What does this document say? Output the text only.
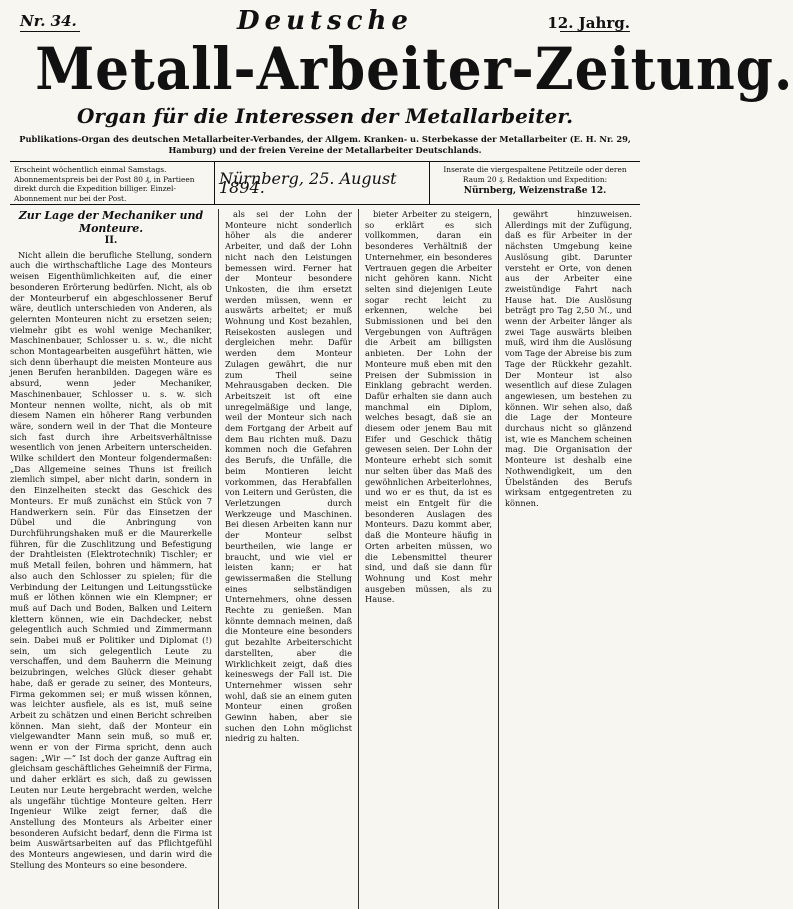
Nr. 34.	Deutsche	12. Jahrg.
Metall-Arbeiter-Zeitung.
Organ für die Interessen der Metallarbeiter.
Publikations-Organ des deutschen Metallarbeiter-Verbandes, der Allgem. Kranken- u. Sterbekasse der Metallarbeiter (E. H. Nr. 29, Hamburg) und der freien Vereine der Metallarbeiter Deutschlands.
Erscheint wöchentlich einmal Samstags. Abonnementspreis bei der Post 80 ₰, in Partieen direkt durch die Expedition billiger. Einzel-Abonnement nur bei der Post.
Nürnberg, 25. August 1894.
Inserate die viergespaltene Petitzeile oder deren Raum 20 ₰. Redaktion und Expedition:
Nürnberg, Weizenstraße 12.

Zur Lage der Mechaniker und Monteure.

II.

Nicht allein die berufliche Stellung, sondern auch die wirthschaftliche Lage des Monteurs weisen Eigenthümlichkeiten auf, die einer besonderen Erörterung bedürfen. Nicht, als ob der Monteurberuf ein abgeschlossener Beruf wäre, deutlich unterschieden von Anderen, als gelernten Monteuren nicht zu ersetzen seien; vielmehr gibt es wohl wenige Mechaniker, Maschinenbauer, Schlosser u. s. w., die nicht schon Montagearbeiten ausgeführt hätten, wie sich denn überhaupt die meisten Monteure aus jenen Berufen heranbilden. Dagegen wäre es absurd, wenn jeder Mechaniker, Maschinenbauer, Schlosser u. s. w. sich Monteur nennen wollte, nicht, als ob mit diesem Namen ein höherer Rang verbunden wäre, sondern weil in der That die Monteure sich fast durch ihre Arbeitsverhältnisse wesentlich von jenen Arbeitern unterscheiden. Wilke schildert den Monteur folgendermaßen: „Das Allgemeine seines Thuns ist freilich ziemlich simpel, aber nicht darin, sondern in den Einzelheiten steckt das Geschick des Monteurs. Er muß zunächst ein Stück von 7 Handwerkern sein. Für das Einsetzen der Dübel und die Anbringung von Durchführungshaken muß er die Maurerkelle führen, für die Zuschlitzung und Befestigung der Drahtleisten (Elektrotechnik) Tischler; er muß Metall feilen, bohren und hämmern, hat also auch den Schlosser zu spielen; für die Verbindung der Leitungen und Leitungsstücke muß er löthen können wie ein Klempner; er muß auf Dach und Boden, Balken und Leitern klettern können, wie ein Dachdecker, nebst gelegentlich auch Schmied und Zimmermann sein. Dabei muß er Politiker und Diplomat (!) sein, um sich gelegentlich Leute zu verschaffen, und dem Bauherrn die Meinung beizubringen, welches Glück dieser gehabt habe, daß er gerade zu seiner, des Monteurs, Firma gekommen sei; er muß wissen können, was leichter ausfiele, als es ist, muß seine Arbeit zu schätzen und einen Bericht schreiben können. Man sieht, daß der Monteur ein vielgewandter Mann sein muß, so muß er, wenn er von der Firma spricht, denn auch sagen: „Wir —“ Ist doch der ganze Auftrag ein gleichsam geschäftliches Geheimniß der Firma, und daher erklärt es sich, daß zu gewissen Leuten nur Leute hergebracht werden, welche als ungefähr tüchtige Monteure gelten. Herr Ingenieur Wilke zeigt ferner, daß die Anstellung des Monteurs als Arbeiter einer besonderen Aufsicht bedarf, denn die Firma ist beim Auswärtsarbeiten auf das Pflichtgefühl des Monteurs angewiesen, und darin wird die Stellung des Monteurs so eine besondere.

als sei der Lohn der Monteure nicht sonderlich höher als die anderer Arbeiter, und daß der Lohn nicht nach den Leistungen bemessen wird. Ferner hat der Monteur besondere Unkosten, die ihm ersetzt werden müssen, wenn er auswärts arbeitet; er muß Wohnung und Kost bezahlen, Reisekosten auslegen und dergleichen mehr. Dafür werden dem Monteur Zulagen gewährt, die nur zum Theil seine Mehrausgaben decken. Die Arbeitszeit ist oft eine unregelmäßige und lange, weil der Monteur sich nach dem Fortgang der Arbeit auf dem Bau richten muß. Dazu kommen noch die Gefahren des Berufs, die Unfälle, die beim Montieren leicht vorkommen, das Herabfallen von Leitern und Gerüsten, die Verletzungen durch Werkzeuge und Maschinen. Bei diesen Arbeiten kann nur der Monteur selbst beurtheilen, wie lange er braucht, und wie viel er leisten kann; er hat gewissermaßen die Stellung eines selbständigen Unternehmers, ohne dessen Rechte zu genießen. Man könnte demnach meinen, daß die Monteure eine besonders gut bezahlte Arbeiterschicht darstellten, aber die Wirklichkeit zeigt, daß dies keineswegs der Fall ist. Die Unternehmer wissen sehr wohl, daß sie an einem guten Monteur einen großen Gewinn haben, aber sie suchen den Lohn möglichst niedrig zu halten.

bieter Arbeiter zu steigern, so erklärt es sich vollkommen, daran ein besonderes Verhältniß der Unternehmer, ein besonderes Vertrauen gegen die Arbeiter nicht gehören kann. Nicht selten sind diejenigen Leute sogar recht leicht zu erkennen, welche bei Submissionen und bei den Vergebungen von Aufträgen die Arbeit am billigsten anbieten. Der Lohn der Monteure muß eben mit den Preisen der Submission in Einklang gebracht werden. Dafür erhalten sie dann auch manchmal ein Diplom, welches besagt, daß sie an diesem oder jenem Bau mit Eifer und Geschick thätig gewesen seien. Der Lohn der Monteure erhebt sich somit nur selten über das Maß des gewöhnlichen Arbeiterlohnes, und wo er es thut, da ist es meist ein Entgelt für die besonderen Auslagen des Monteurs. Dazu kommt aber, daß die Monteure häufig in Orten arbeiten müssen, wo die Lebensmittel theurer sind, und daß sie dann für Wohnung und Kost mehr ausgeben müssen, als zu Hause.

gewährt hinzuweisen. Allerdings mit der Zufügung, daß es für Arbeiter in der nächsten Umgebung keine Auslösung gibt. Darunter versteht er Orte, von denen aus der Arbeiter eine zweistündige Fahrt nach Hause hat. Die Auslösung beträgt pro Tag 2,50 ℳ., und wenn der Arbeiter länger als zwei Tage auswärts bleiben muß, wird ihm die Auslösung vom Tage der Abreise bis zum Tage der Rückkehr gezahlt. Der Monteur ist also wesentlich auf diese Zulagen angewiesen, um bestehen zu können. Wir sehen also, daß die Lage der Monteure durchaus nicht so glänzend ist, wie es Manchem scheinen mag. Die Organisation der Monteure ist deshalb eine Nothwendigkeit, um den Übelständen des Berufs wirksam entgegentreten zu können.
